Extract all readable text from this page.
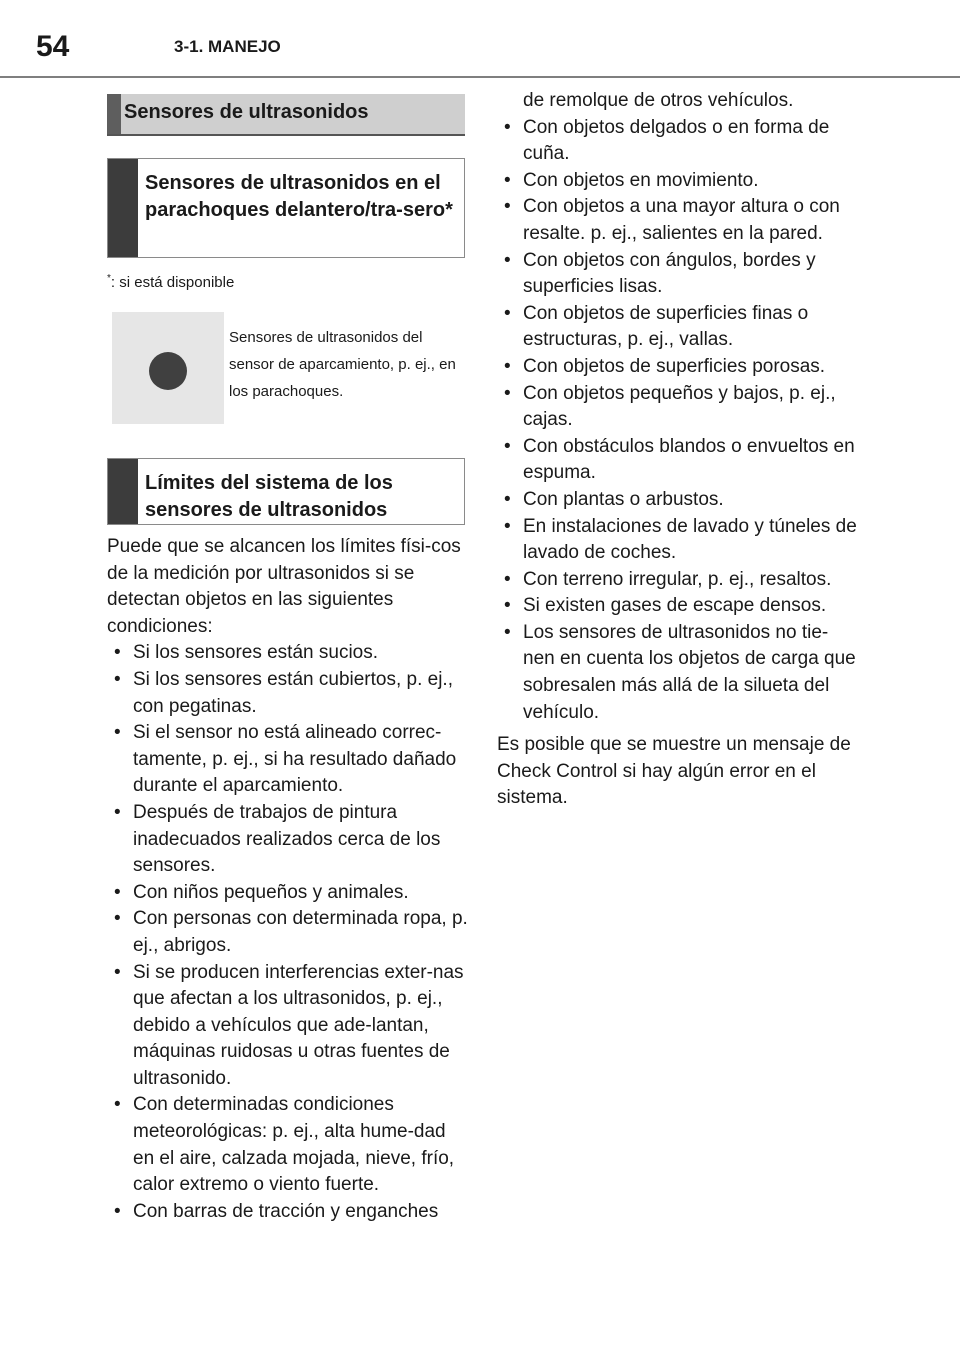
54	3-1. MANEJO
Sensores de ultrasonidos
Sensores de ultrasonidos en el parachoques delantero/tra-sero*
*: si está disponible
Sensores de ultrasonidos del sensor de aparcamiento, p. ej., en los parachoques.
Límites del sistema de los sensores de ultrasonidos

Puede que se alcancen los límites físi-cos de la medición por ultrasonidos si se detectan objetos en las siguientes condiciones:

• Si los sensores están sucios.
• Si los sensores están cubiertos, p. ej., con pegatinas.
• Si el sensor no está alineado correc-tamente, p. ej., si ha resultado dañado durante el aparcamiento.
• Después de trabajos de pintura inadecuados realizados cerca de los sensores.
• Con niños pequeños y animales.
• Con personas con determinada ropa, p. ej., abrigos.
• Si se producen interferencias exter-nas que afectan a los ultrasonidos, p. ej., debido a vehículos que ade-lantan, máquinas ruidosas u otras fuentes de ultrasonido.
• Con determinadas condiciones meteorológicas: p. ej., alta hume-dad en el aire, calzada mojada, nieve, frío, calor extremo o viento fuerte.
• Con barras de tracción y enganches
de remolque de otros vehículos.
• Con objetos delgados o en forma de cuña.
• Con objetos en movimiento.
• Con objetos a una mayor altura o con resalte. p. ej., salientes en la pared.
• Con objetos con ángulos, bordes y superficies lisas.
• Con objetos de superficies finas o estructuras, p. ej., vallas.
• Con objetos de superficies porosas.
• Con objetos pequeños y bajos, p. ej., cajas.
• Con obstáculos blandos o envueltos en espuma.
• Con plantas o arbustos.
• En instalaciones de lavado y túneles de lavado de coches.
• Con terreno irregular, p. ej., resaltos.
• Si existen gases de escape densos.
• Los sensores de ultrasonidos no tie-nen en cuenta los objetos de carga que sobresalen más allá de la silueta del vehículo.

Es posible que se muestre un mensaje de Check Control si hay algún error en el sistema.
